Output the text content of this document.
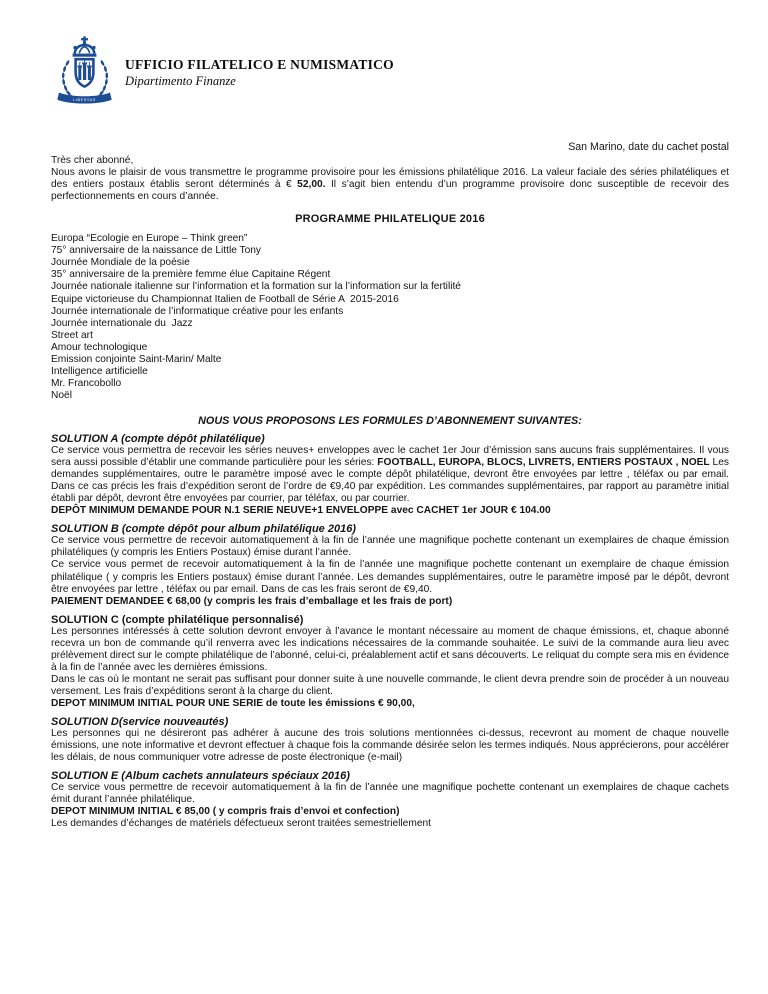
LIBERTAS
UFFICIO FILATELICO E NUMISMATICO
Dipartimento Finanze
San Marino, date du cachet postal
Très cher abonné,

Nous avons le plaisir de vous transmettre le programme provisoire pour les émissions philatélique 2016. La valeur faciale des séries philatéliques et des entiers postaux établis seront déterminés à € 52,00. Il s’agit bien entendu d’un programme provisoire donc susceptible de recevoir des perfectionnements en cours d’année.

PROGRAMME PHILATELIQUE 2016
Europa “Ecologie en Europe – Think green”
75° anniversaire de la naissance de Little Tony
Journée Mondiale de la poésie
35° anniversaire de la première femme élue Capitaine Régent
Journée nationale italienne sur l’information et la formation sur la l’information sur la fertilité
Equipe victorieuse du Championnat Italien de Football de Série A  2015-2016
Journée internationale de l’informatique créative pour les enfants
Journée internationale du  Jazz
Street art
Amour technologique
Emission conjointe Saint-Marin/ Malte
Intelligence artificielle
Mr. Francobollo
Noël
NOUS VOUS PROPOSONS LES FORMULES D’ABONNEMENT SUIVANTES:
SOLUTION A (compte dépôt philatélique)

Ce service vous permettra de recevoir les séries neuves+ enveloppes avec le cachet 1er Jour d’émission sans aucuns frais supplémentaires. Il vous sera aussi possible d’établir une commande particulière pour les séries: FOOTBALL, EUROPA, BLOCS, LIVRETS, ENTIERS POSTAUX , NOEL Les demandes supplémentaires, outre le paramètre imposé avec le compte dépôt philatélique, devront être envoyées par lettre , téléfax ou par email. Dans ce cas précis les frais d’expédition seront de l’ordre de €9,40 par expédition. Les commandes supplémentaires, par rapport au paramètre initial établi par dépôt, devront être envoyées par courrier, par téléfax, ou par courrier.

DEPÔT MINIMUM DEMANDE POUR N.1 SERIE NEUVE+1 ENVELOPPE avec CACHET 1er JOUR € 104.00

SOLUTION B (compte dépôt pour album philatélique 2016)

Ce service vous permettre de recevoir automatiquement à la fin de l’année une magnifique pochette contenant un exemplaires de chaque émission philatéliques (y compris les Entiers Postaux) émise durant l’année.

Ce service vous permet de recevoir automatiquement à la fin de l’année une magnifique pochette contenant un exemplaire de chaque émission philatélique ( y compris les Entiers postaux) émise durant l’année. Les demandes supplémentaires, outre le paramètre imposé par le dépôt, devront être envoyées par lettre , téléfax ou par email. Dans de cas les frais seront de €9,40.

PAIEMENT DEMANDEE € 68,00 (y compris les frais d’emballage et les frais de port)

SOLUTION C (compte philatélique personnalisé)

Les personnes intéressés à cette solution devront envoyer à l’avance le montant nécessaire au moment de chaque émissions, et, chaque abonné recevra un bon de commande qu’il renverra avec les indications nécessaires de la commande souhaitée. Le suivi de la commande aura lieu avec prélèvement direct sur le compte philatélique de l’abonné, celui-ci, préalablement actif et sans découverts. Le reliquat du compte sera mis en évidence à la fin de l’année avec les dernières émissions.

Dans le cas où le montant ne serait pas suffisant pour donner suite à une nouvelle commande, le client devra prendre soin de procéder à un nouveau versement. Les frais d’expéditions seront à la charge du client.

DEPOT MINIMUM INITIAL POUR UNE SERIE de toute les émissions € 90,00,

SOLUTION D(service nouveautés)

Les personnes qui ne désireront pas adhérer à aucune des trois solutions mentionnées ci-dessus, recevront au moment de chaque nouvelle émissions, une note informative et devront effectuer à chaque fois la commande désirée selon les termes indiqués. Nous apprécierons, pour accélérer les délais, de nous communiquer votre adresse de poste électronique (e-mail)

SOLUTION E (Album cachets annulateurs spéciaux 2016)

Ce service vous permettre de recevoir automatiquement à la fin de l’année une magnifique pochette contenant un exemplaires de chaque cachets émit durant l’année philatélique.

DEPOT MINIMUM INITIAL € 85,00 ( y compris frais d’envoi et confection)

Les demandes d’échanges de matériels défectueux seront traitées semestriellement
